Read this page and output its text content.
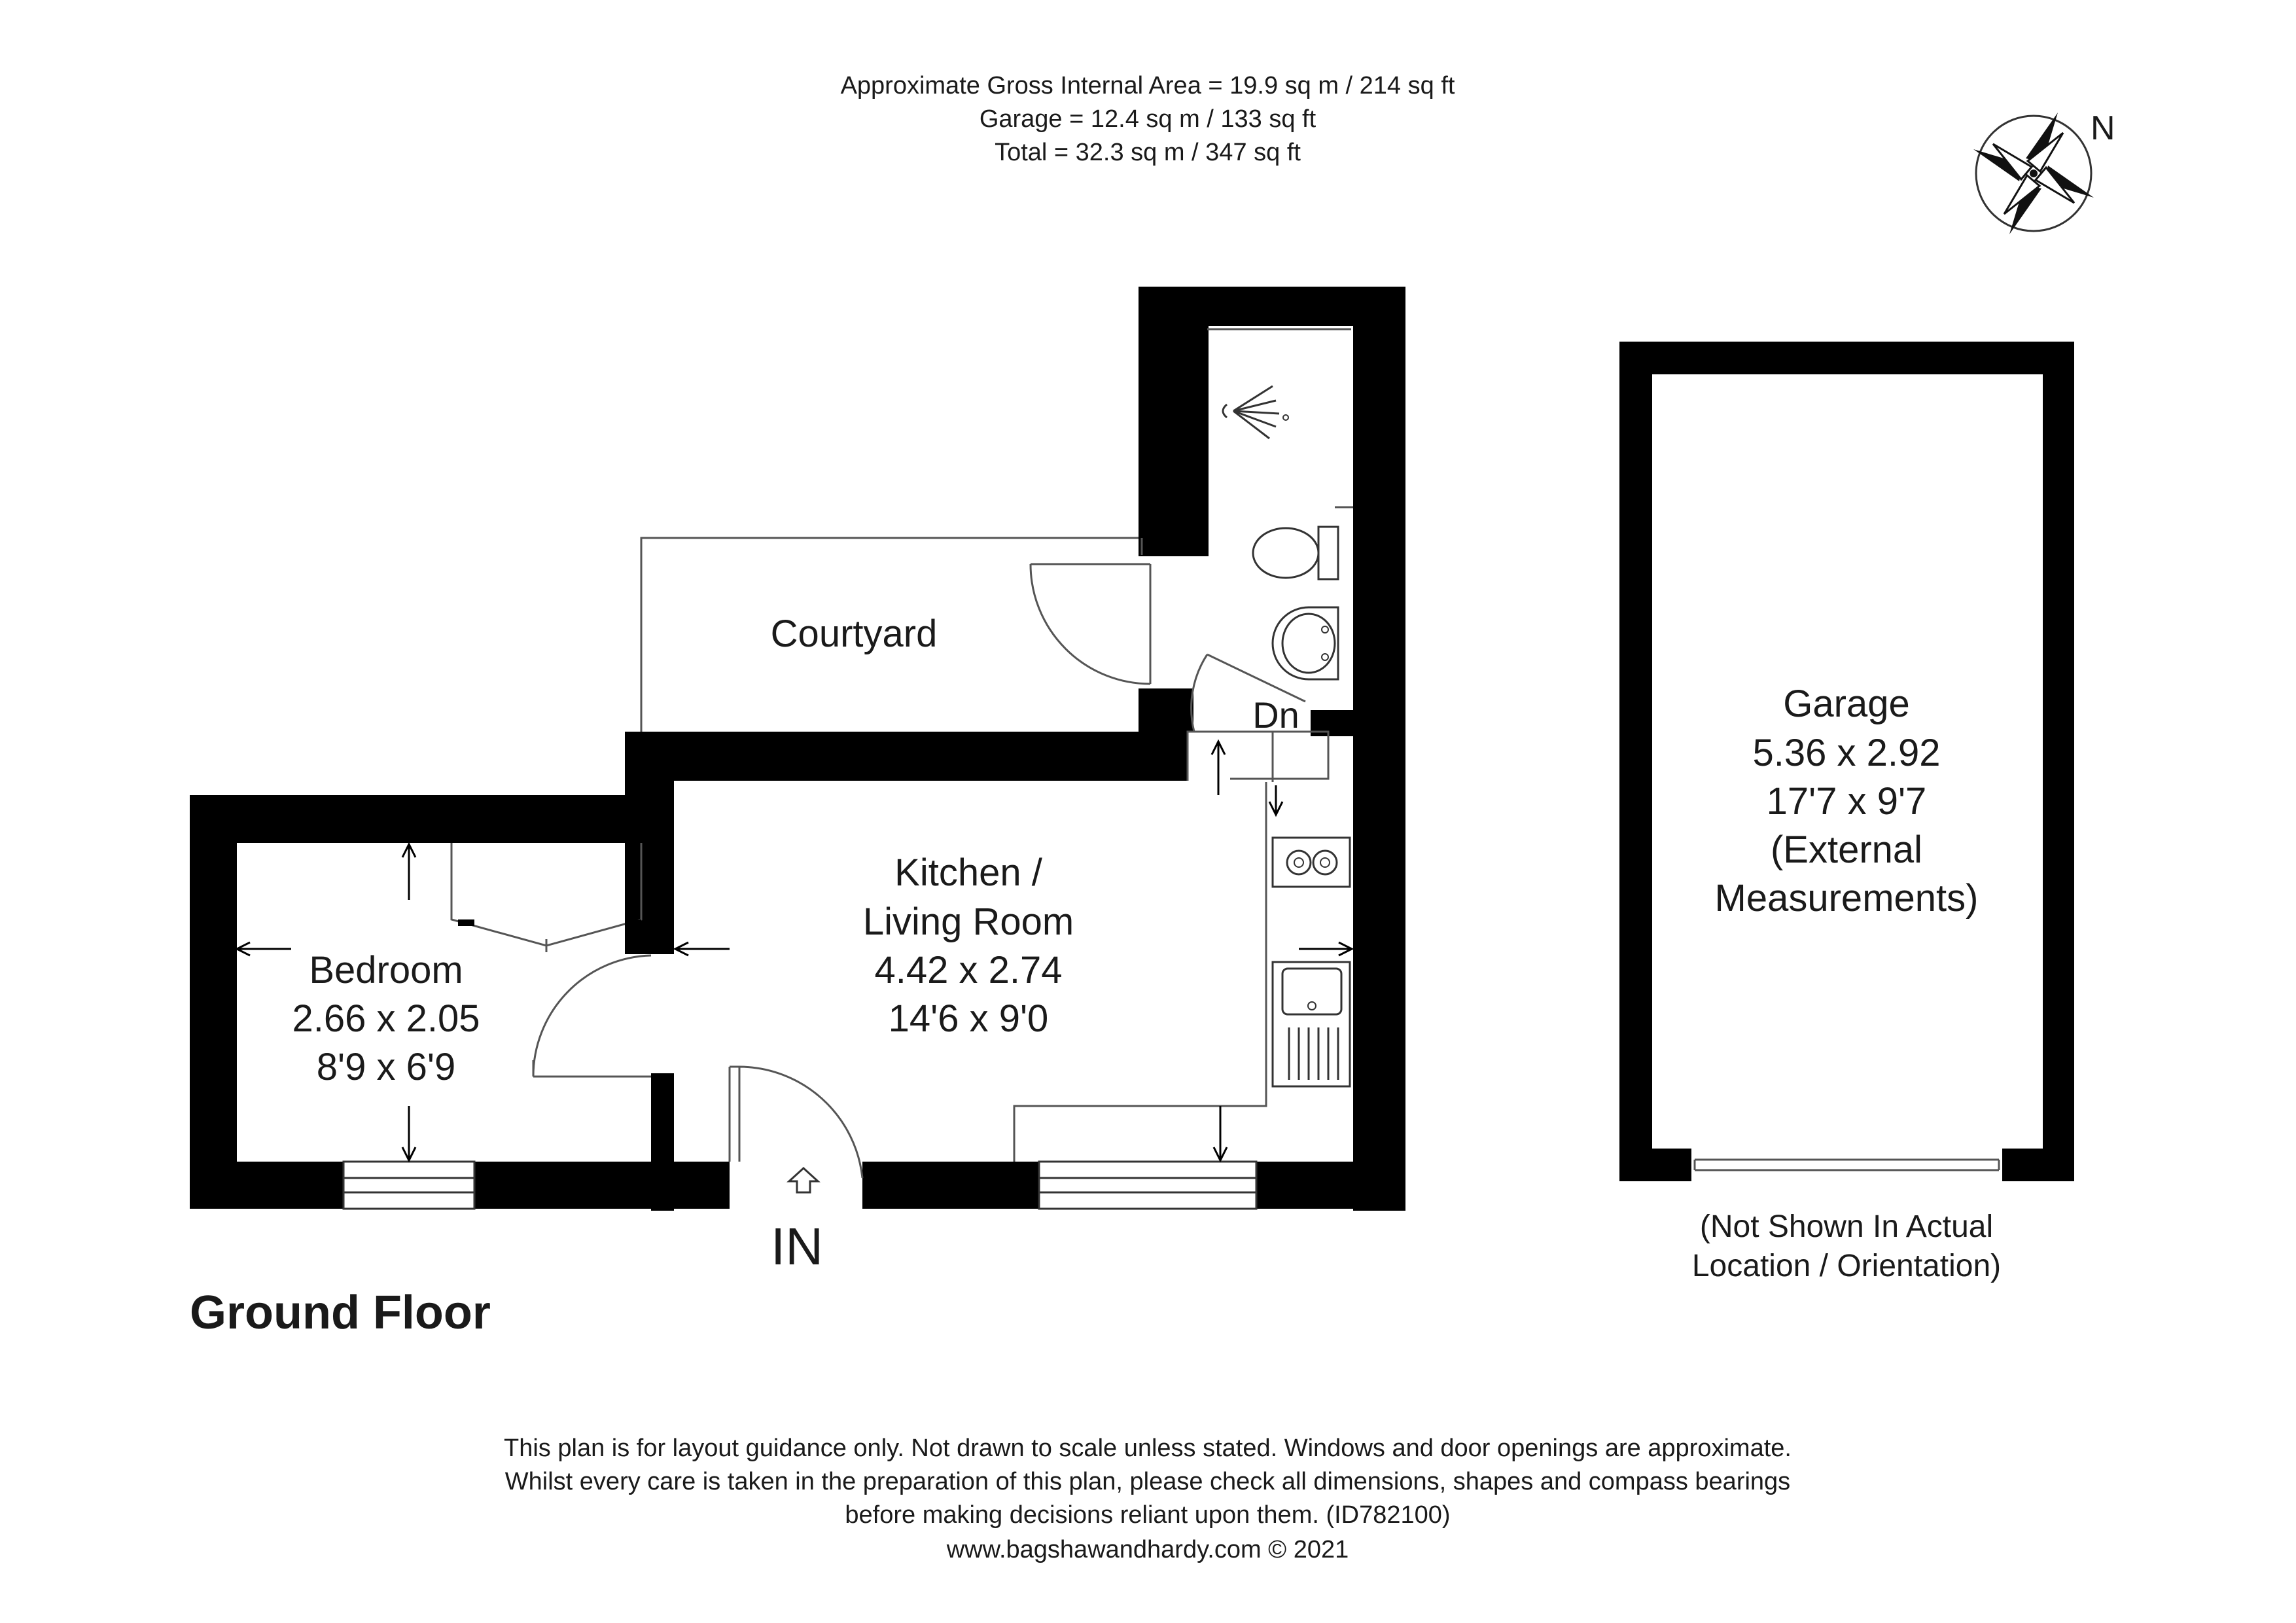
Approximate Gross Internal Area = 19.9 sq m / 214 sq ft
Garage = 12.4 sq m / 133 sq ft
Total = 32.3 sq m / 347 sq ft
N
Courtyard
Kitchen /
Living Room
4.42 x 2.74
14'6 x 9'0
Bedroom
2.66 x 2.05
8'9 x 6'9
Dn
IN
Garage
5.36 x 2.92
17'7 x 9'7
(External
Measurements)
(Not Shown In Actual
Location / Orientation)
Ground Floor
This plan is for layout guidance only. Not drawn to scale unless stated. Windows and door openings are approximate.
Whilst every care is taken in the preparation of this plan, please check all dimensions, shapes and compass bearings
before making decisions reliant upon them. (ID782100)
www.bagshawandhardy.com © 2021
